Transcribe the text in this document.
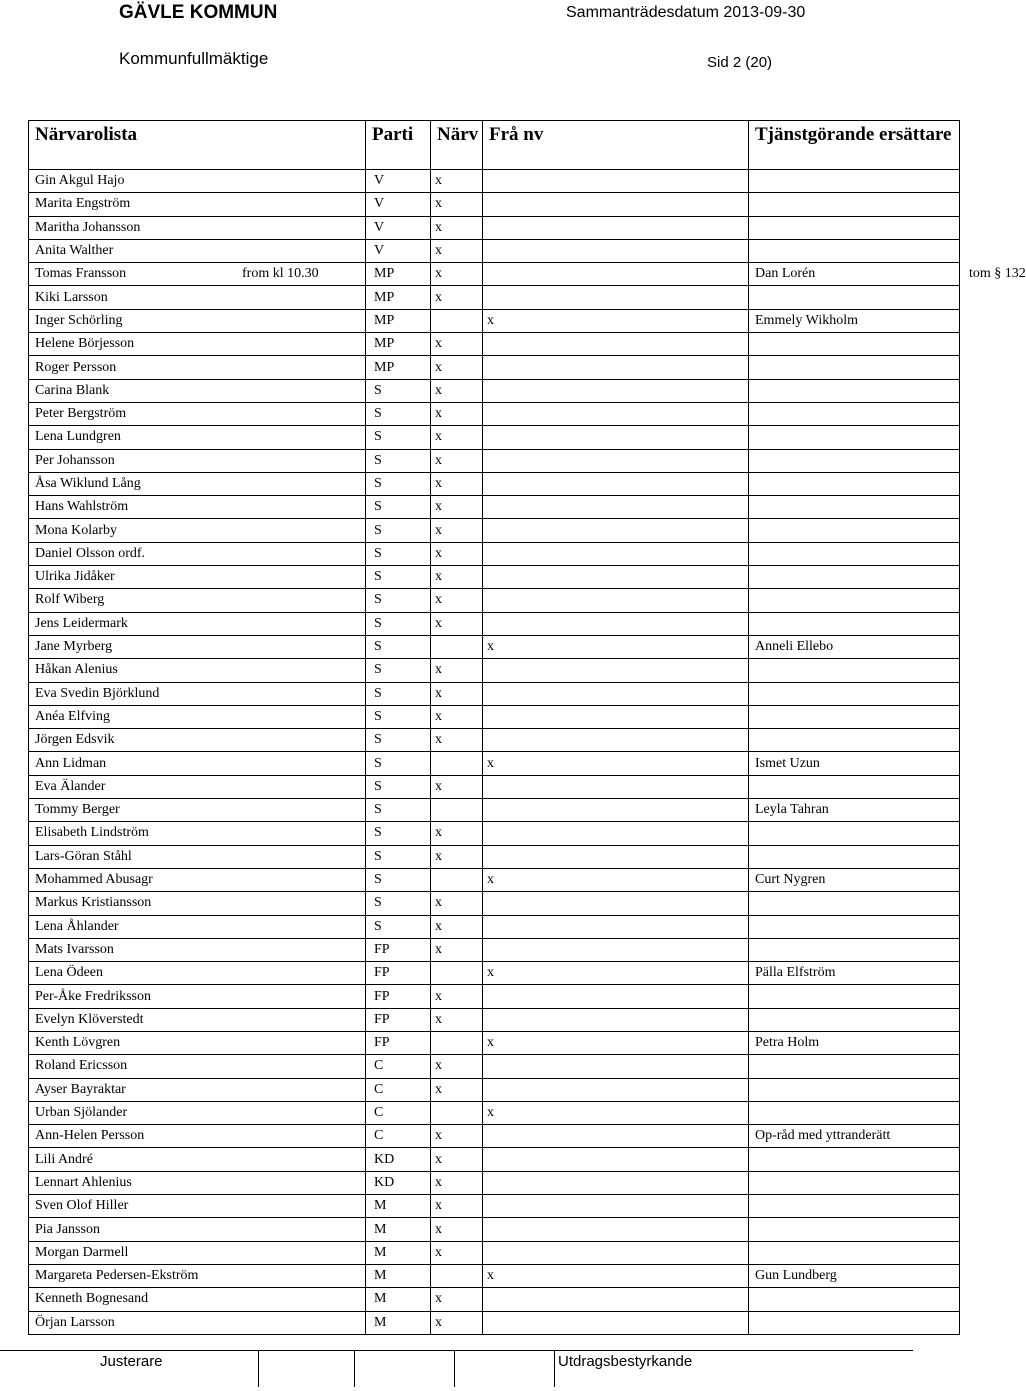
GÄVLE KOMMUN	Sammanträdesdatum 2013-09-30
Kommunfullmäktige	Sid 2 (20)
Närvarolista	Parti	Närv	Frå nv	Tjänstgörande ersättare
Gin Akgul Hajo	V	x		
Marita Engström	V	x		
Maritha Johansson	V	x		
Anita Walther	V	x		
Tomas Fransson from kl 10.30	MP	x		Dan Lorén tom § 132

Kiki Larsson	MP	x		
Inger Schörling	MP		x	Emmely Wikholm
Helene Börjesson	MP	x		
Roger Persson	MP	x		
Carina Blank	S	x		
Peter Bergström	S	x		
Lena Lundgren	S	x		
Per Johansson	S	x		
Åsa Wiklund Lång	S	x		
Hans Wahlström	S	x		
Mona Kolarby	S	x		
Daniel Olsson ordf.	S	x		
Ulrika Jidåker	S	x		
Rolf Wiberg	S	x		
Jens Leidermark	S	x		
Jane Myrberg	S		x	Anneli Ellebo
Håkan Alenius	S	x		
Eva Svedin Björklund	S	x		
Anéa Elfving	S	x		
Jörgen Edsvik	S	x		
Ann Lidman	S		x	Ismet Uzun
Eva Älander	S	x		
Tommy Berger	S			Leyla Tahran
Elisabeth Lindström	S	x		
Lars-Göran Ståhl	S	x		
Mohammed Abusagr	S		x	Curt Nygren
Markus Kristiansson	S	x		
Lena Åhlander	S	x		
Mats Ivarsson	FP	x		
Lena Ödeen	FP		x	Pälla Elfström
Per-Åke Fredriksson	FP	x		
Evelyn Klöverstedt	FP	x		
Kenth Lövgren	FP		x	Petra Holm
Roland Ericsson	C	x		
Ayser Bayraktar	C	x		
Urban Sjölander	C		x	
Ann-Helen Persson	C	x		Op-råd med yttranderätt
Lili André	KD	x		
Lennart Ahlenius	KD	x		
Sven Olof Hiller	M	x		
Pia Jansson	M	x		
Morgan Darmell	M	x		
Margareta Pedersen-Ekström	M		x	Gun Lundberg
Kenneth Bognesand	M	x		
Örjan Larsson	M	x		
Justerare	Utdragsbestyrkande
